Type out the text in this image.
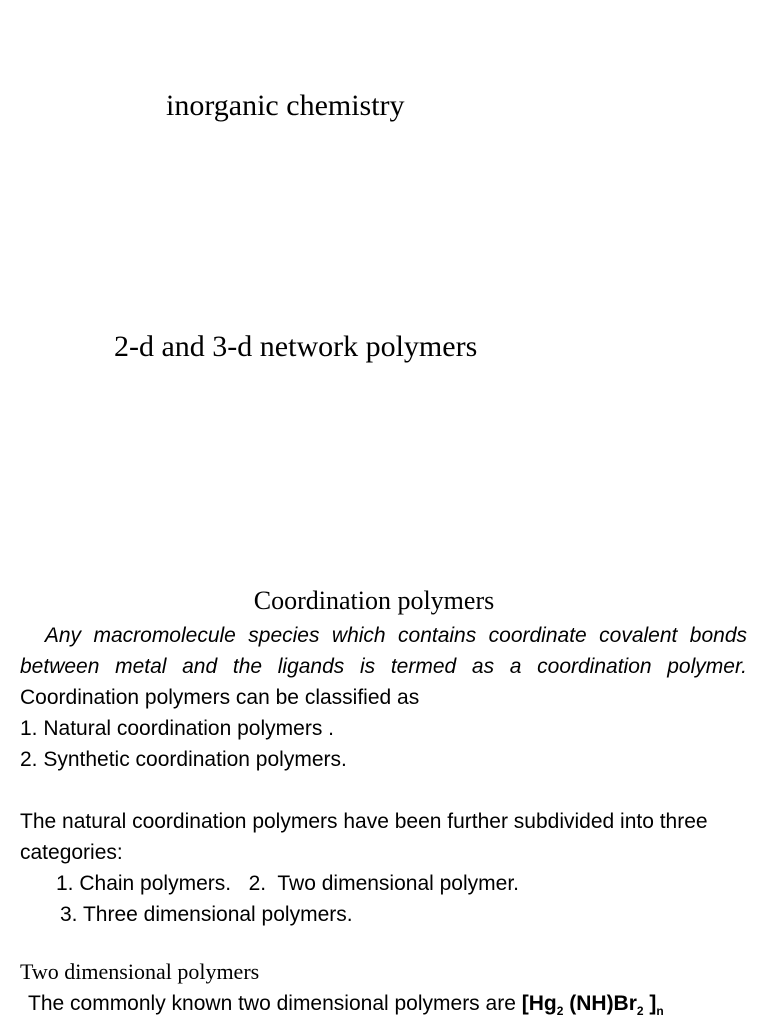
inorganic chemistry
2-d and 3-d network polymers
Coordination polymers
Any macromolecule species which contains coordinate covalent bonds between metal and the ligands is termed as a coordination polymer. Coordination polymers can be classified as
1. Natural coordination polymers .
2. Synthetic coordination polymers.
The natural coordination polymers have been further subdivided into three categories:
1. Chain polymers.   2.  Two dimensional polymer.
3. Three dimensional polymers.
Two dimensional polymers
The commonly known two dimensional polymers are [$Hg_2$ $(NH)Br_2$ ]$_n$
